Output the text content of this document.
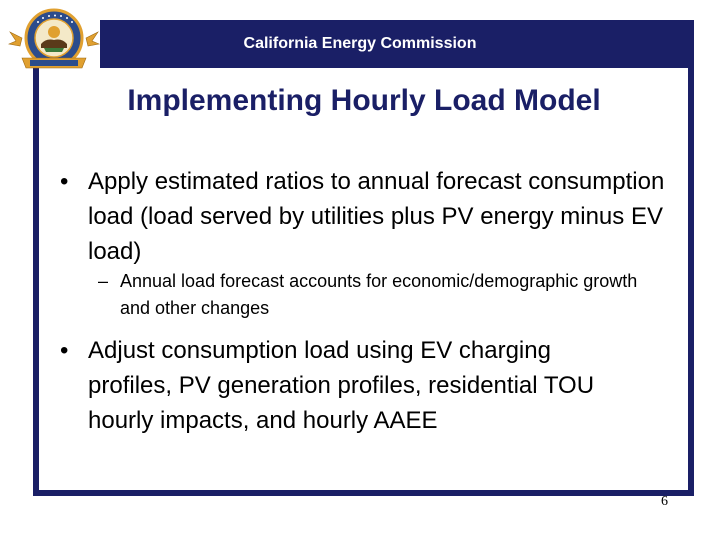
California Energy Commission
Implementing Hourly Load Model
• Apply estimated ratios to annual forecast consumption load (load served by utilities plus PV energy minus EV load)
– Annual load forecast accounts for economic/demographic growth and other changes
• Adjust consumption load using EV charging profiles, PV generation profiles, residential TOU hourly impacts, and hourly AAEE
6
